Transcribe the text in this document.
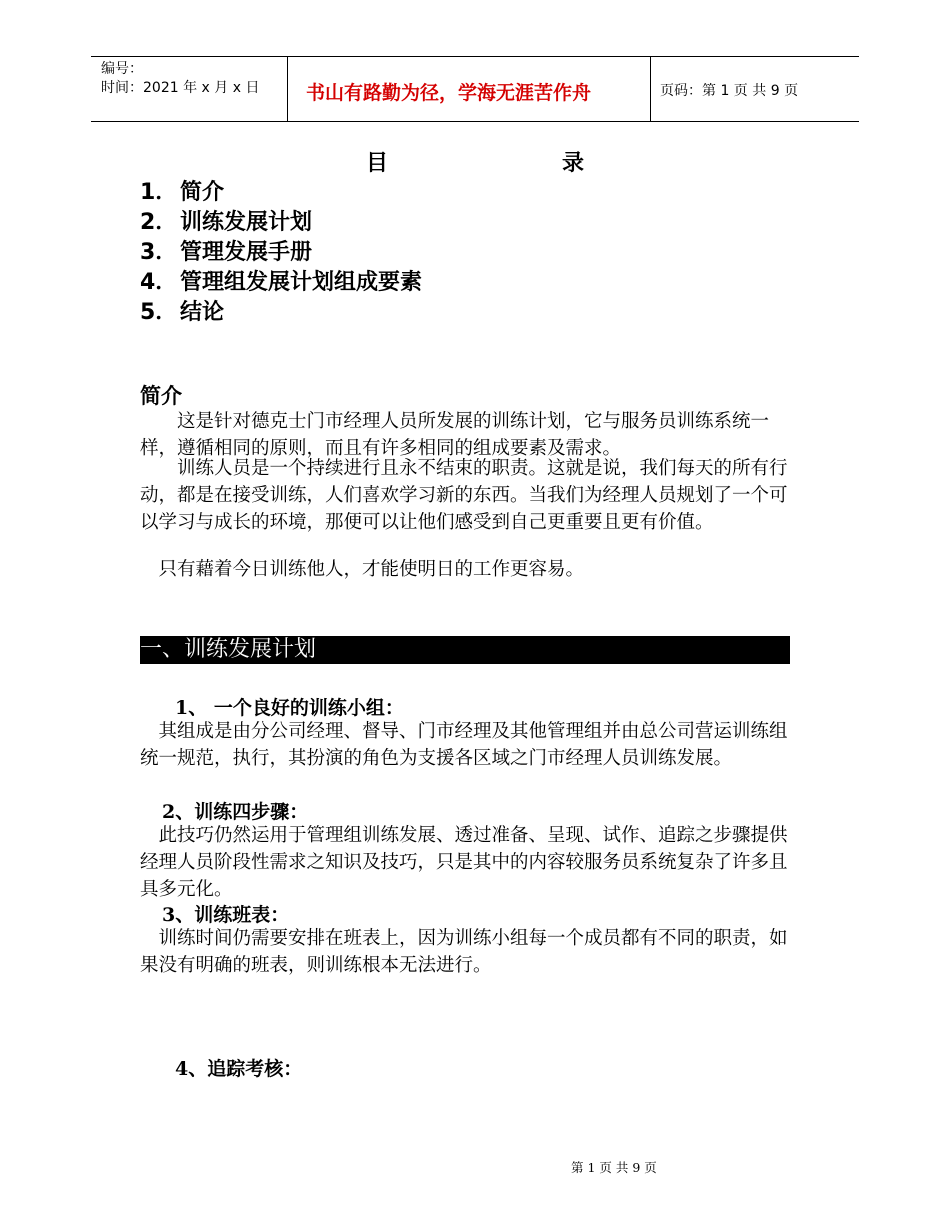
编号：
时间：2021 年 x 月 x 日 书山有路勤为径，学海无涯苦作舟	页码：第 1 页 共 9 页
目	录
1． 简介
2． 训练发展计划
3． 管理发展手册
4． 管理组发展计划组成要素
5． 结论
简介

　　这是针对德克士门市经理人员所发展的训练计划，它与服务员训练系统一样，遵循相同的原则，而且有许多相同的组成要素及需求。

　　训练人员是一个持续进行且永不结束的职责。这就是说，我们每天的所有行动，都是在接受训练，人们喜欢学习新的东西。当我们为经理人员规划了一个可以学习与成长的环境，那便可以让他们感受到自己更重要且更有价值。

　只有藉着今日训练他人，才能使明日的工作更容易。

一、训练发展计划
1、 一个良好的训练小组：

　其组成是由分公司经理、督导、门市经理及其他管理组并由总公司营运训练组统一规范，执行，其扮演的角色为支援各区域之门市经理人员训练发展。

2、训练四步骤：

　此技巧仍然运用于管理组训练发展、透过准备、呈现、试作、追踪之步骤提供经理人员阶段性需求之知识及技巧，只是其中的内容较服务员系统复杂了许多且具多元化。

3、训练班表：

　训练时间仍需要安排在班表上，因为训练小组每一个成员都有不同的职责，如果没有明确的班表，则训练根本无法进行。

4、追踪考核：
第 1 页 共 9 页
